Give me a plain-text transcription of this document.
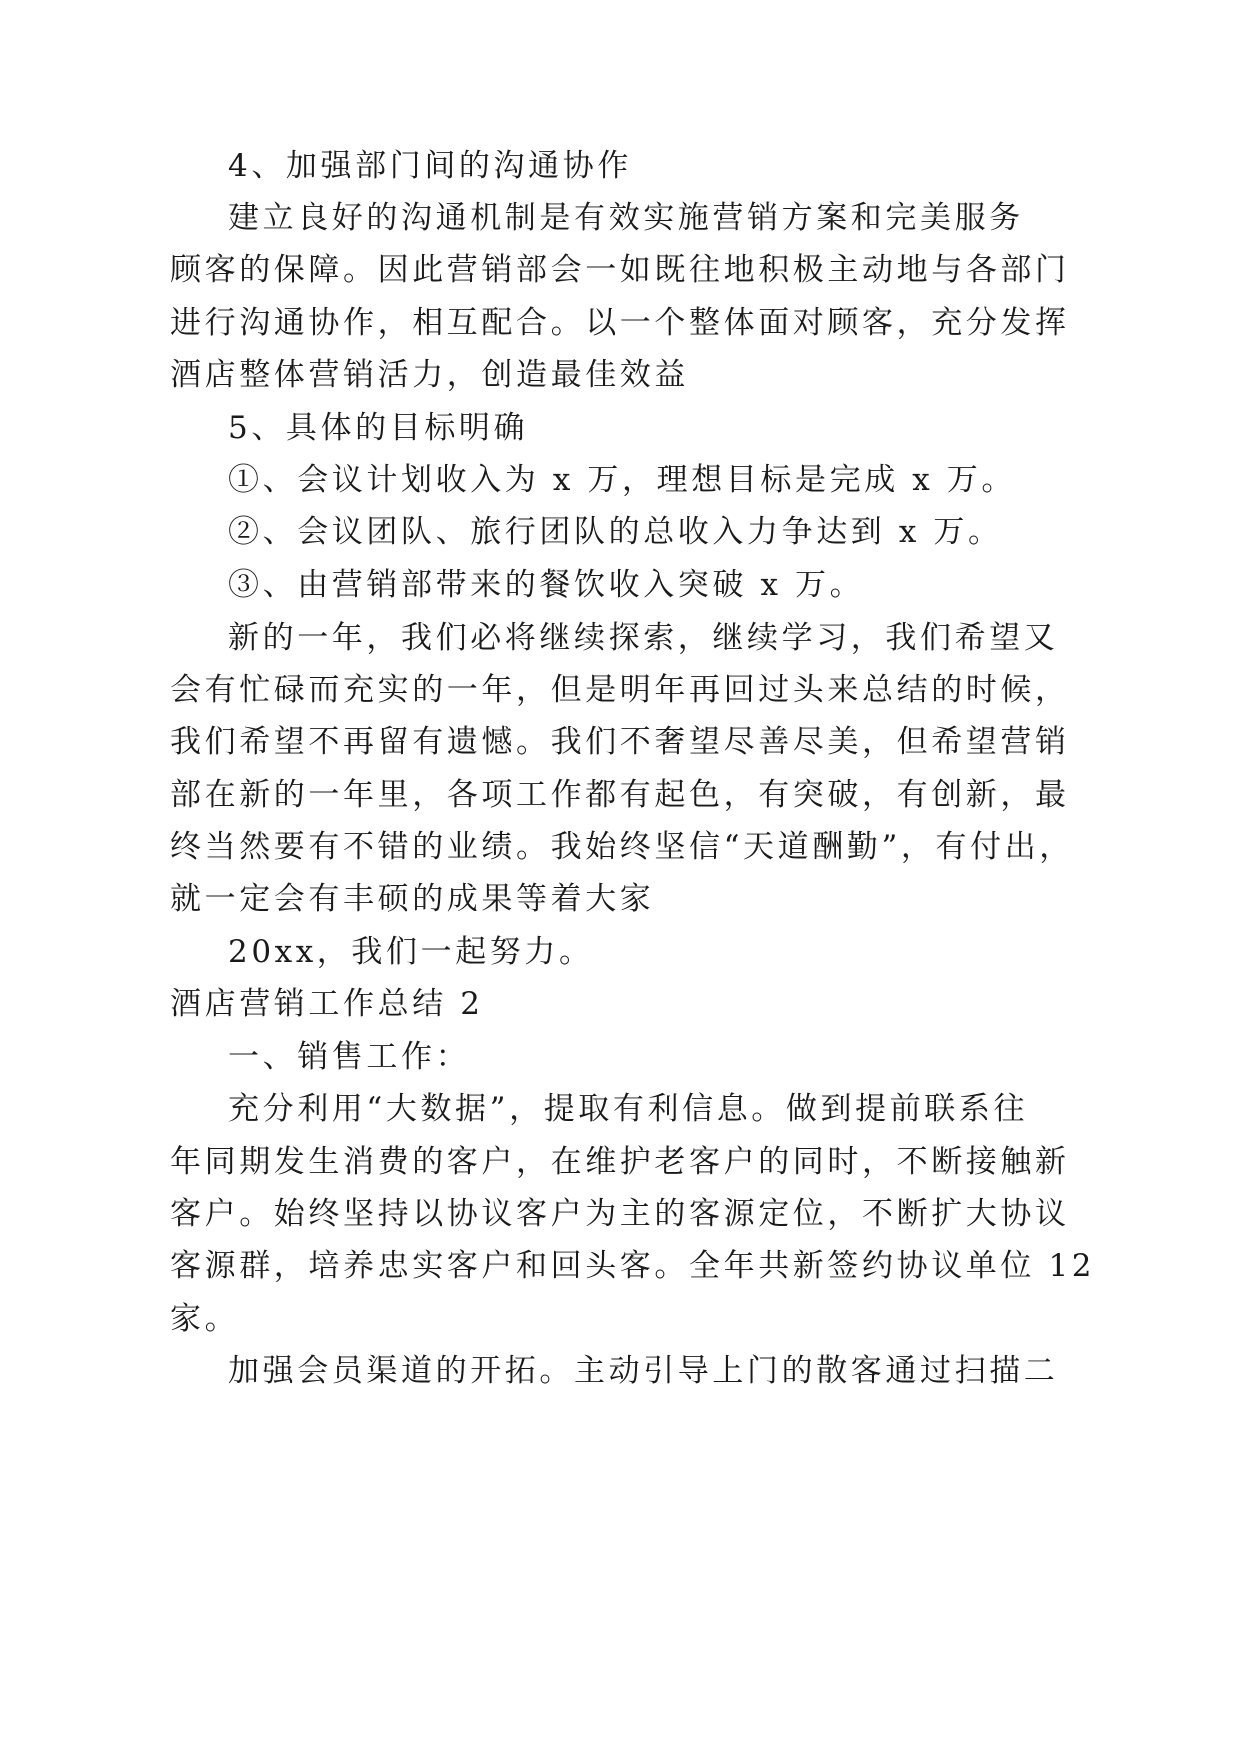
4、加强部门间的沟通协作
建立良好的沟通机制是有效实施营销方案和完美服务
顾客的保障。因此营销部会一如既往地积极主动地与各部门
进行沟通协作，相互配合。以一个整体面对顾客，充分发挥
酒店整体营销活力，创造最佳效益
5、具体的目标明确
①、会议计划收入为 x 万，理想目标是完成 x 万。
②、会议团队、旅行团队的总收入力争达到 x 万。
③、由营销部带来的餐饮收入突破 x 万。
新的一年，我们必将继续探索，继续学习，我们希望又
会有忙碌而充实的一年，但是明年再回过头来总结的时候，
我们希望不再留有遗憾。我们不奢望尽善尽美，但希望营销
部在新的一年里，各项工作都有起色，有突破，有创新，最
终当然要有不错的业绩。我始终坚信“天道酬勤”，有付出，
就一定会有丰硕的成果等着大家
20xx，我们一起努力。
酒店营销工作总结 2
一、销售工作：
充分利用“大数据”，提取有利信息。做到提前联系往
年同期发生消费的客户，在维护老客户的同时，不断接触新
客户。始终坚持以协议客户为主的客源定位，不断扩大协议
客源群，培养忠实客户和回头客。全年共新签约协议单位 12
家。
加强会员渠道的开拓。主动引导上门的散客通过扫描二
